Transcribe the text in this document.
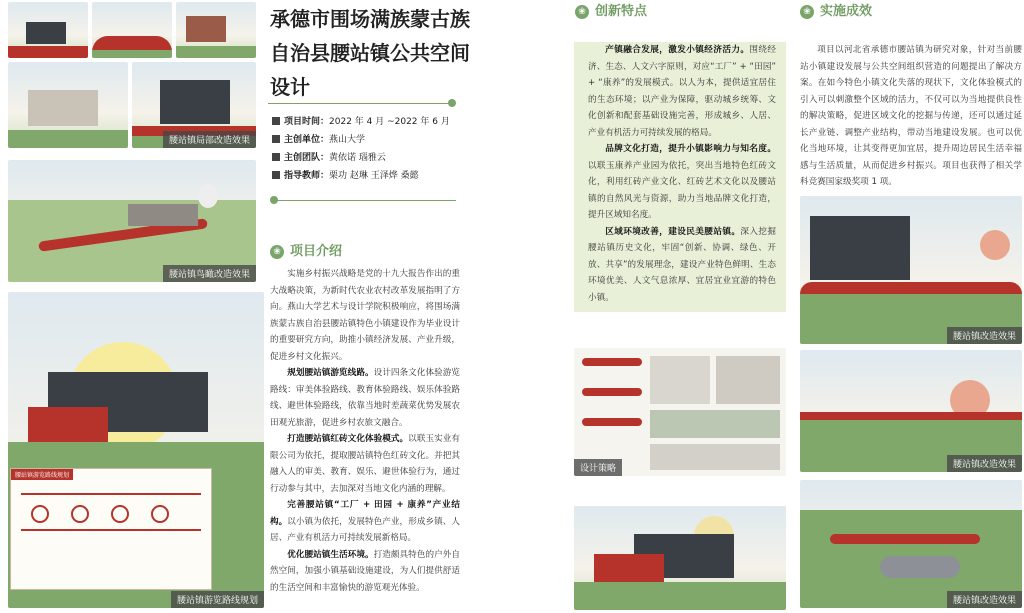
腰站镇局部改造效果
腰站镇鸟瞰改造效果
腰站镇游览路线规划
腰站镇游览路线规划
承德市围场满族蒙古族自治县腰站镇公共空间设计
项目时间：2022 年 4 月 ~2022 年 6 月
主创单位：燕山大学
主创团队：黄依诺 瑙雅云
指导教师：栗功 赵琳 王泽烨 桑懿
❀ 项目介绍
实施乡村振兴战略是党的十九大报告作出的重大战略决策，为新时代农业农村改革发展指明了方向。燕山大学艺术与设计学院积极响应，将围场满族蒙古族自治县腰站镇特色小镇建设作为毕业设计的重要研究方向，助推小镇经济发展、产业升级，促进乡村文化振兴。
规划腰站镇游览线路。设计四条文化体验游览路线：审美体验路线、教育体验路线、娱乐体验路线、避世体验路线，依靠当地时差蔬菜优势发展农田观光旅游，促进乡村农旅文融合。
打造腰站镇红砖文化体验模式。以联玉实业有限公司为依托，提取腰站镇特色红砖文化。并把其融入人的审美、教育、娱乐、避世体验行为，通过行动参与其中，去加深对当地文化内涵的理解。
完善腰站镇“工厂 + 田园 + 康养”产业结构。以小镇为依托，发展特色产业，形成乡镇、人居、产业有机活力可持续发展新格局。
优化腰站镇生活环境。打造颇具特色的户外自然空间，加强小镇基础设施建设，为人们提供舒适的生活空间和丰富愉快的游览观光体验。
❀ 创新特点
产镇融合发展，激发小镇经济活力。围绕经济、生态、人文六字原则，对应“工厂” + “田园” + “康养”的发展模式。以人为本，提供适宜居住的生态环境；以产业为保障，驱动城乡统筹、文化创新和配套基础设施完善，形成城乡、人居、产业有机活力可持续发展的格局。
品牌文化打造，提升小镇影响力与知名度。以联玉康养产业园为依托，突出当地特色红砖文化，利用红砖产业文化、红砖艺术文化以及腰站镇的自然风光与资源，助力当地品牌文化打造，提升区域知名度。
区域环境改善，建设民美腰站镇。深入挖掘腰站镇历史文化，牢固“创新、协调、绿色、开放、共享”的发展理念，建设产业特色鲜明、生态环境优美、人文气息浓厚、宜居宜业宜游的特色小镇。
设计策略
❀ 实施成效
项目以河北省承德市腰站镇为研究对象，针对当前腰站小镇建设发展与公共空间组织营造的问题提出了解决方案。在如今特色小镇文化失落的现状下，文化体验模式的引入可以刺激整个区域的活力，不仅可以为当地提供良性的解决策略，促进区域文化的挖掘与传递，还可以通过延长产业链、调整产业结构，带动当地建设发展。也可以优化当地环境，让其变得更加宜居，提升周边居民生活幸福感与生活质量，从而促进乡村振兴。项目也获得了相关学科竞赛国家级奖项 1 项。
腰站镇改造效果
腰站镇改造效果
腰站镇改造效果
